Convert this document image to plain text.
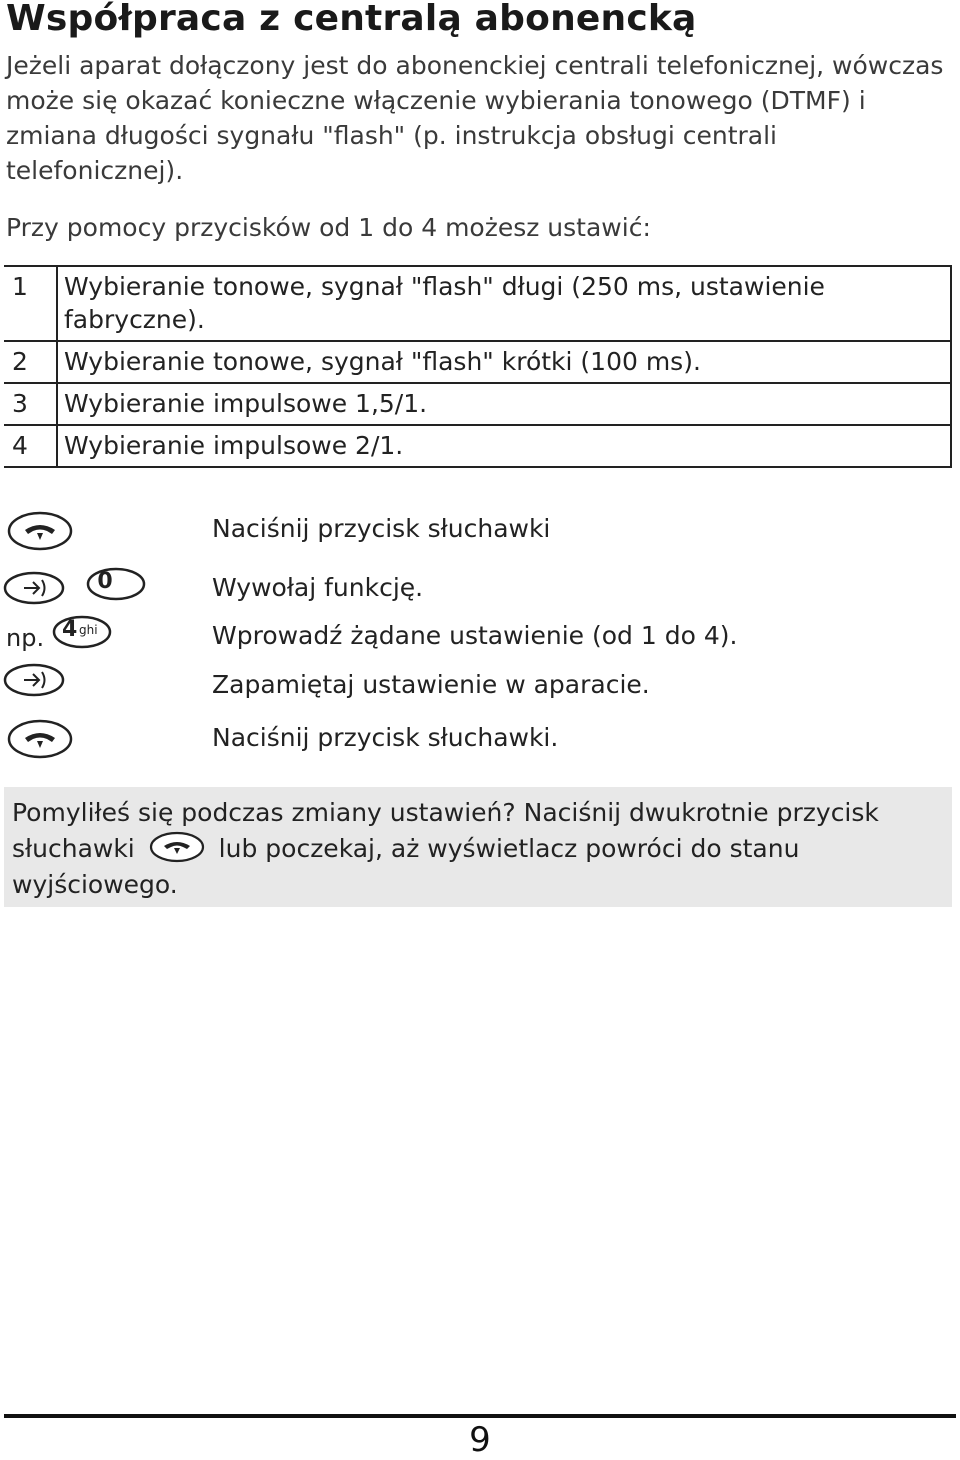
Współpraca z centralą abonencką

Jeżeli aparat dołączony jest do abonenckiej centrali telefonicznej, wówczas może się okazać konieczne włączenie wybierania tonowego (DTMF) i zmiana długości sygnału "flash" (p. instrukcja obsługi centrali telefonicznej).

Przy pomocy przycisków od 1 do 4 możesz ustawić:

1	Wybieranie tonowe, sygnał "flash" długi (250 ms, ustawienie fabryczne).
2	Wybieranie tonowe, sygnał "flash" krótki (100 ms).
3	Wybieranie impulsowe 1,5/1.
4	Wybieranie impulsowe 2/1.

Naciśnij przycisk słuchawki

0	Wywołaj funkcję.

np. 4 ghi	Wprowadź żądane ustawienie (od 1 do 4).

Zapamiętaj ustawienie w aparacie.

Naciśnij przycisk słuchawki.

Pomyliłeś się podczas zmiany ustawień? Naciśnij dwukrotnie przycisk słuchawki	lub poczekaj, aż wyświetlacz powróci do stanu wyjściowego.

9
